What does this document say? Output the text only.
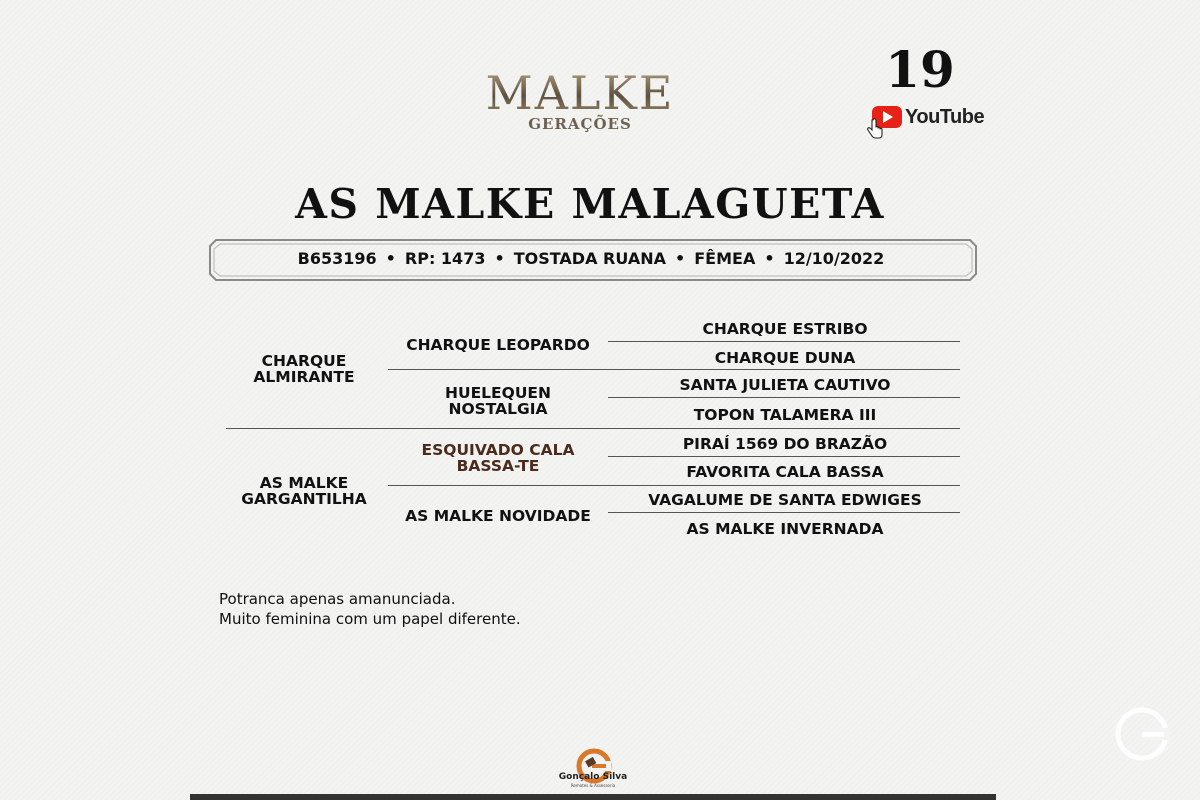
MALKE
GERAÇÕES
19
YouTube
AS MALKE MALAGUETA
B653196 • RP: 1473 • TOSTADA RUANA • FÊMEA • 12/10/2022
CHARQUE ALMIRANTE
AS MALKE GARGANTILHA
CHARQUE LEOPARDO
HUELEQUEN NOSTALGIA
ESQUIVADO CALA BASSA-TE
AS MALKE NOVIDADE
CHARQUE ESTRIBO
CHARQUE DUNA
SANTA JULIETA CAUTIVO
TOPON TALAMERA III
PIRAÍ 1569 DO BRAZÃO
FAVORITA CALA BASSA
VAGALUME DE SANTA EDWIGES
AS MALKE INVERNADA
Potranca apenas amanunciada.
Muito feminina com um papel diferente.
Gonçalo Silva
Remates & Assessoria
